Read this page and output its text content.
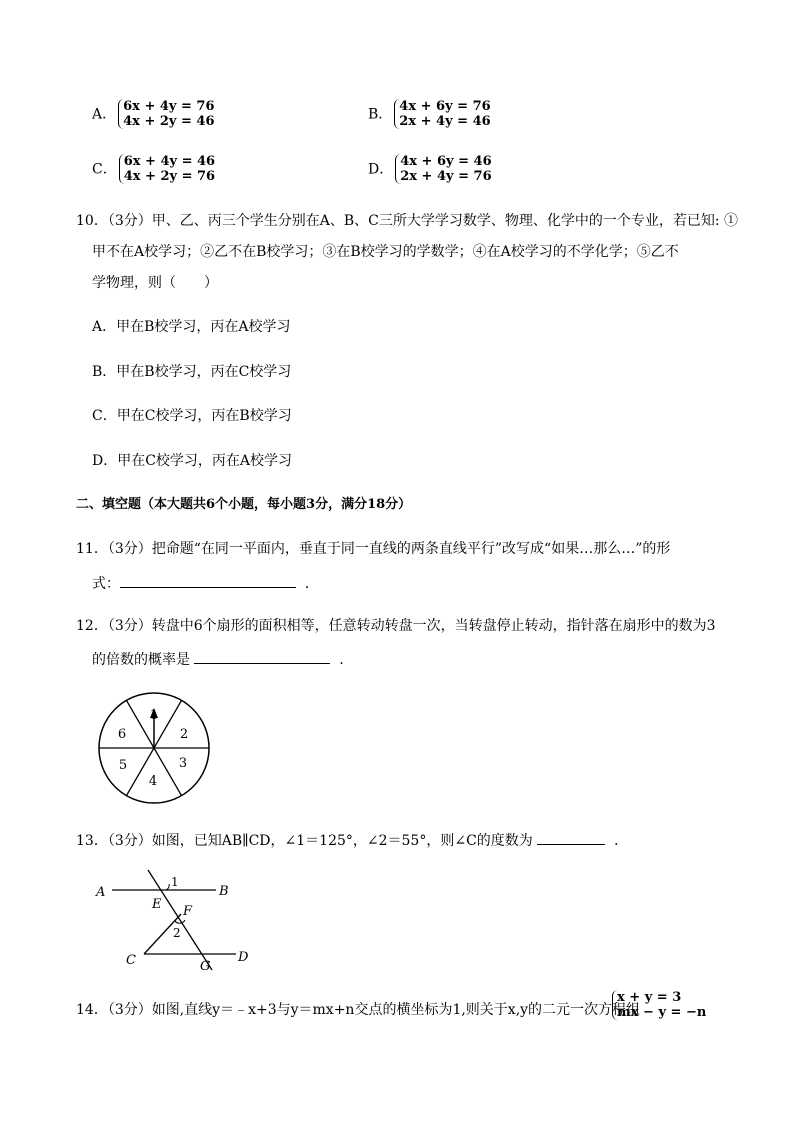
A． 6x + 4y = 76
4x + 2y = 46	B． 4x + 6y = 76
2x + 4y = 46
C． 6x + 4y = 46
4x + 2y = 76	D． 4x + 6y = 46
2x + 4y = 76
10．（3分）甲、乙、丙三个学生分别在A、B、C三所大学学习数学、物理、化学中的一个专业，若已知: ①
甲不在A校学习；②乙不在B校学习；③在B校学习的学数学；④在A校学习的不学化学；⑤乙不
学物理，则（　　）
A．甲在B校学习，丙在A校学习
B．甲在B校学习，丙在C校学习
C．甲在C校学习，丙在B校学习
D．甲在C校学习，丙在A校学习
二、填空题（本大题共6个小题，每小题3分，满分18分）
11．（3分）把命题“在同一平面内，垂直于同一直线的两条直线平行”改写成“如果…那么…”的形
式：	．
12．（3分）转盘中6个扇形的面积相等，任意转动转盘一次，当转盘停止转动，指针落在扇形中的数为3
的倍数的概率是	．
1
2
3
4
5
6
13．（3分）如图，已知AB∥CD，∠1＝125°，∠2＝55°，则∠C的度数为	．
A	B
C	D
E F
G
1
2
14．（3分）如图,直线y＝﹣x+3与y＝mx+n交点的横坐标为1,则关于x,y的二元一次方程组
x + y = 3
mx − y = −n
